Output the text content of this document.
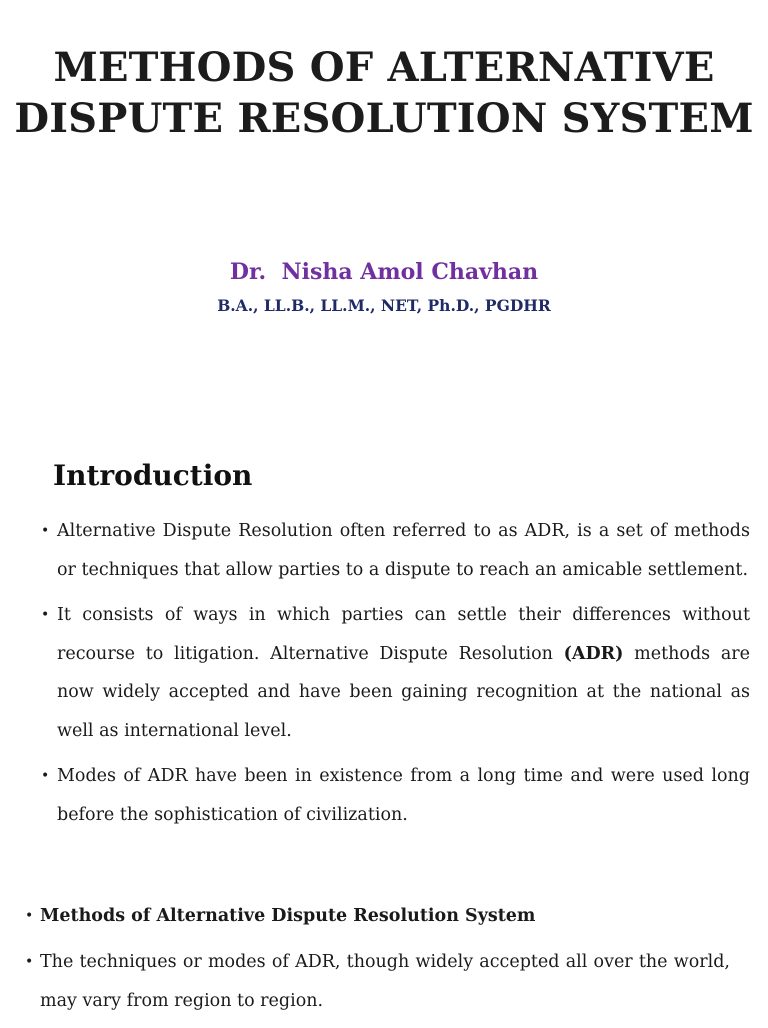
METHODS OF ALTERNATIVE
DISPUTE RESOLUTION SYSTEM
Dr.  Nisha Amol Chavhan
B.A., LL.B., LL.M., NET, Ph.D., PGDHR
Introduction
• Alternative Dispute Resolution often referred to as ADR, is a set of methods or techniques that allow parties to a dispute to reach an amicable settlement.
• It consists of ways in which parties can settle their differences without recourse to litigation. Alternative Dispute Resolution (ADR) methods are now widely accepted and have been gaining recognition at the national as well as international level.
• Modes of ADR have been in existence from a long time and were used long before the sophistication of civilization.
• Methods of Alternative Dispute Resolution System
• The techniques or modes of ADR, though widely accepted all over the world, may vary from region to region.
